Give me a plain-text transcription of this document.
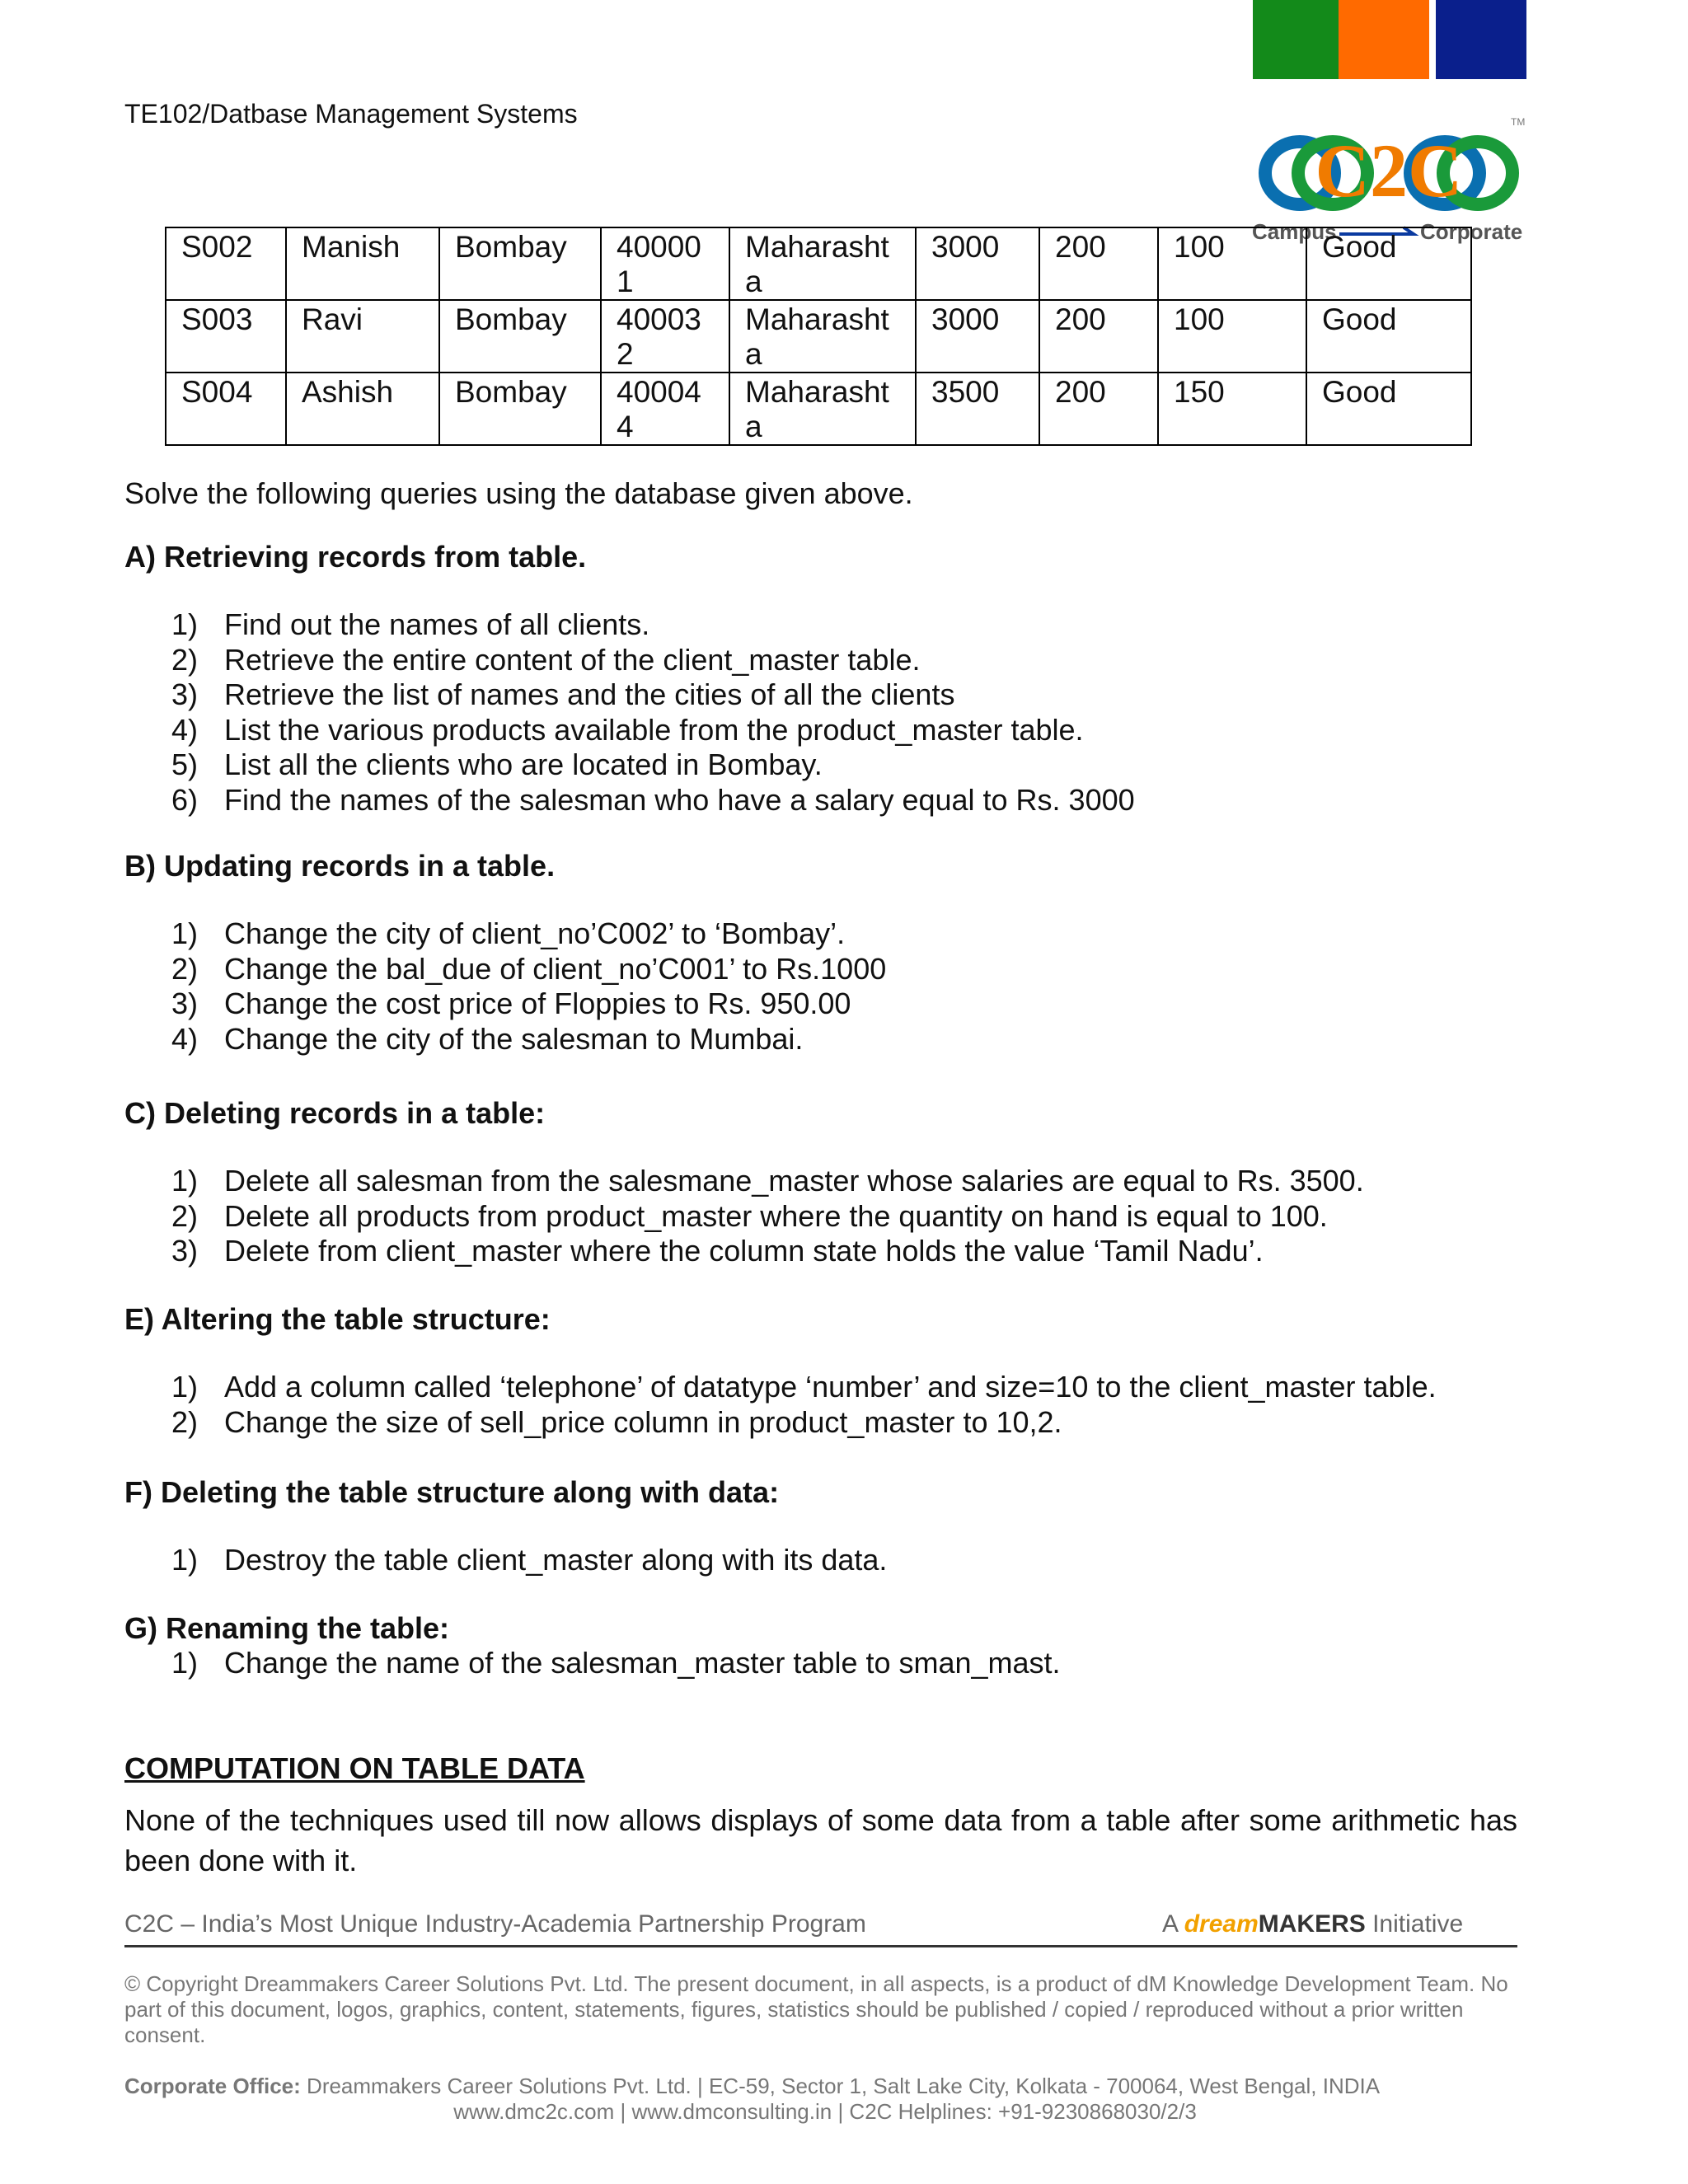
TE102/Datbase Management Systems
C2C
Campus	Corporate
TM
S002	Manish	Bombay	400001	Maharashta	3000	200	100	Good
S003	Ravi	Bombay	400032	Maharashta	3000	200	100	Good
S004	Ashish	Bombay	400044	Maharashta	3500	200	150	Good
Solve the following queries using the database given above.
A) Retrieving records from table.
1) Find out the names of all clients.
2) Retrieve the entire content of the client_master table.
3) Retrieve the list of names and the cities of all the clients
4) List the various products available from the product_master table.
5) List all the clients who are located in Bombay.
6) Find the names of the salesman who have a salary equal to Rs. 3000
B) Updating records in a table.
1) Change the city of client_no’C002’ to ‘Bombay’.
2) Change the bal_due of client_no’C001’ to Rs.1000
3) Change the cost price of Floppies to Rs. 950.00
4) Change the city of the salesman to Mumbai.
C) Deleting records in a table:
1) Delete all salesman from the salesmane_master whose salaries are equal to Rs. 3500.
2) Delete all products from product_master where the quantity on hand is equal to 100.
3) Delete from client_master where the column state holds the value ‘Tamil Nadu’.
E) Altering the table structure:
1) Add a column called ‘telephone’ of datatype ‘number’ and size=10 to the client_master table.
2) Change the size of sell_price column in product_master to 10,2.
F) Deleting the table structure along with data:
1) Destroy the table client_master along with its data.
G) Renaming the table:
1) Change the name of the salesman_master table to sman_mast.
COMPUTATION ON TABLE DATA
None of the techniques used till now allows displays of some data from a table after some arithmetic has been done with it.
C2C – India’s Most Unique Industry-Academia Partnership Program	A dreamMAKERS Initiative
© Copyright Dreammakers Career Solutions Pvt. Ltd. The present document, in all aspects, is a product of dM Knowledge Development Team. No part of this document, logos, graphics, content, statements, figures, statistics should be published / copied / reproduced without a prior written consent.
Corporate Office: Dreammakers Career Solutions Pvt. Ltd. | EC-59, Sector 1, Salt Lake City, Kolkata - 700064, West Bengal, INDIA
www.dmc2c.com | www.dmconsulting.in | C2C Helplines: +91-9230868030/2/3
